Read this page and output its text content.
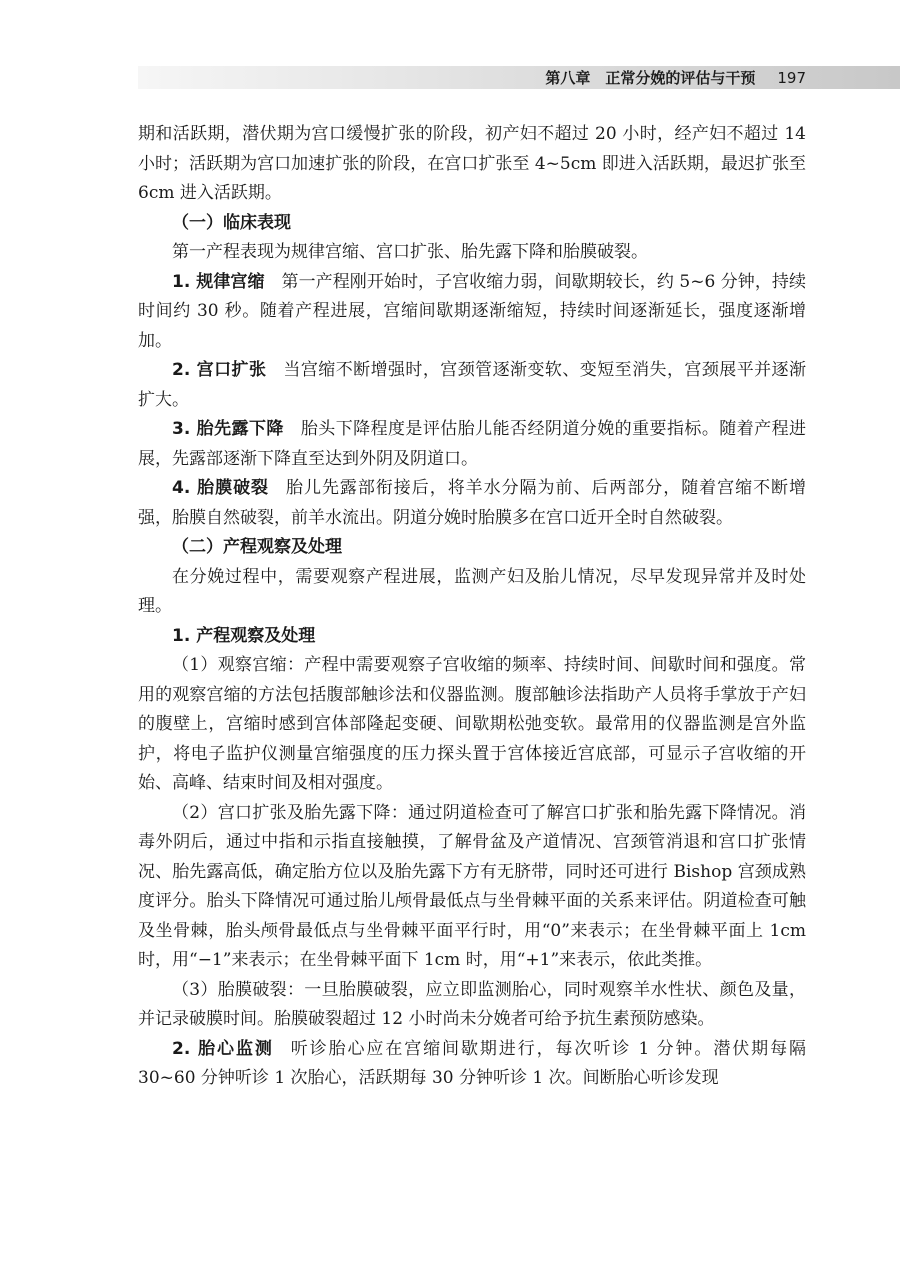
第八章　正常分娩的评估与干预 197

期和活跃期，潜伏期为宫口缓慢扩张的阶段，初产妇不超过 20 小时，经产妇不超过 14 小时；活跃期为宫口加速扩张的阶段，在宫口扩张至 4~5cm 即进入活跃期，最迟扩张至 6cm 进入活跃期。

（一）临床表现

第一产程表现为规律宫缩、宫口扩张、胎先露下降和胎膜破裂。

1. 规律宫缩 第一产程刚开始时，子宫收缩力弱，间歇期较长，约 5~6 分钟，持续时间约 30 秒。随着产程进展，宫缩间歇期逐渐缩短，持续时间逐渐延长，强度逐渐增加。

2. 宫口扩张 当宫缩不断增强时，宫颈管逐渐变软、变短至消失，宫颈展平并逐渐扩大。

3. 胎先露下降 胎头下降程度是评估胎儿能否经阴道分娩的重要指标。随着产程进展，先露部逐渐下降直至达到外阴及阴道口。

4. 胎膜破裂 胎儿先露部衔接后，将羊水分隔为前、后两部分，随着宫缩不断增强，胎膜自然破裂，前羊水流出。阴道分娩时胎膜多在宫口近开全时自然破裂。

（二）产程观察及处理

在分娩过程中，需要观察产程进展，监测产妇及胎儿情况，尽早发现异常并及时处理。

1. 产程观察及处理

（1）观察宫缩：产程中需要观察子宫收缩的频率、持续时间、间歇时间和强度。常用的观察宫缩的方法包括腹部触诊法和仪器监测。腹部触诊法指助产人员将手掌放于产妇的腹壁上，宫缩时感到宫体部隆起变硬、间歇期松弛变软。最常用的仪器监测是宫外监护，将电子监护仪测量宫缩强度的压力探头置于宫体接近宫底部，可显示子宫收缩的开始、高峰、结束时间及相对强度。

（2）宫口扩张及胎先露下降：通过阴道检查可了解宫口扩张和胎先露下降情况。消毒外阴后，通过中指和示指直接触摸，了解骨盆及产道情况、宫颈管消退和宫口扩张情况、胎先露高低，确定胎方位以及胎先露下方有无脐带，同时还可进行 Bishop 宫颈成熟度评分。胎头下降情况可通过胎儿颅骨最低点与坐骨棘平面的关系来评估。阴道检查可触及坐骨棘，胎头颅骨最低点与坐骨棘平面平行时，用“0”来表示；在坐骨棘平面上 1cm 时，用“−1”来表示；在坐骨棘平面下 1cm 时，用“+1”来表示，依此类推。

（3）胎膜破裂：一旦胎膜破裂，应立即监测胎心，同时观察羊水性状、颜色及量，并记录破膜时间。胎膜破裂超过 12 小时尚未分娩者可给予抗生素预防感染。

2. 胎心监测 听诊胎心应在宫缩间歇期进行，每次听诊 1 分钟。潜伏期每隔 30~60 分钟听诊 1 次胎心，活跃期每 30 分钟听诊 1 次。间断胎心听诊发现
